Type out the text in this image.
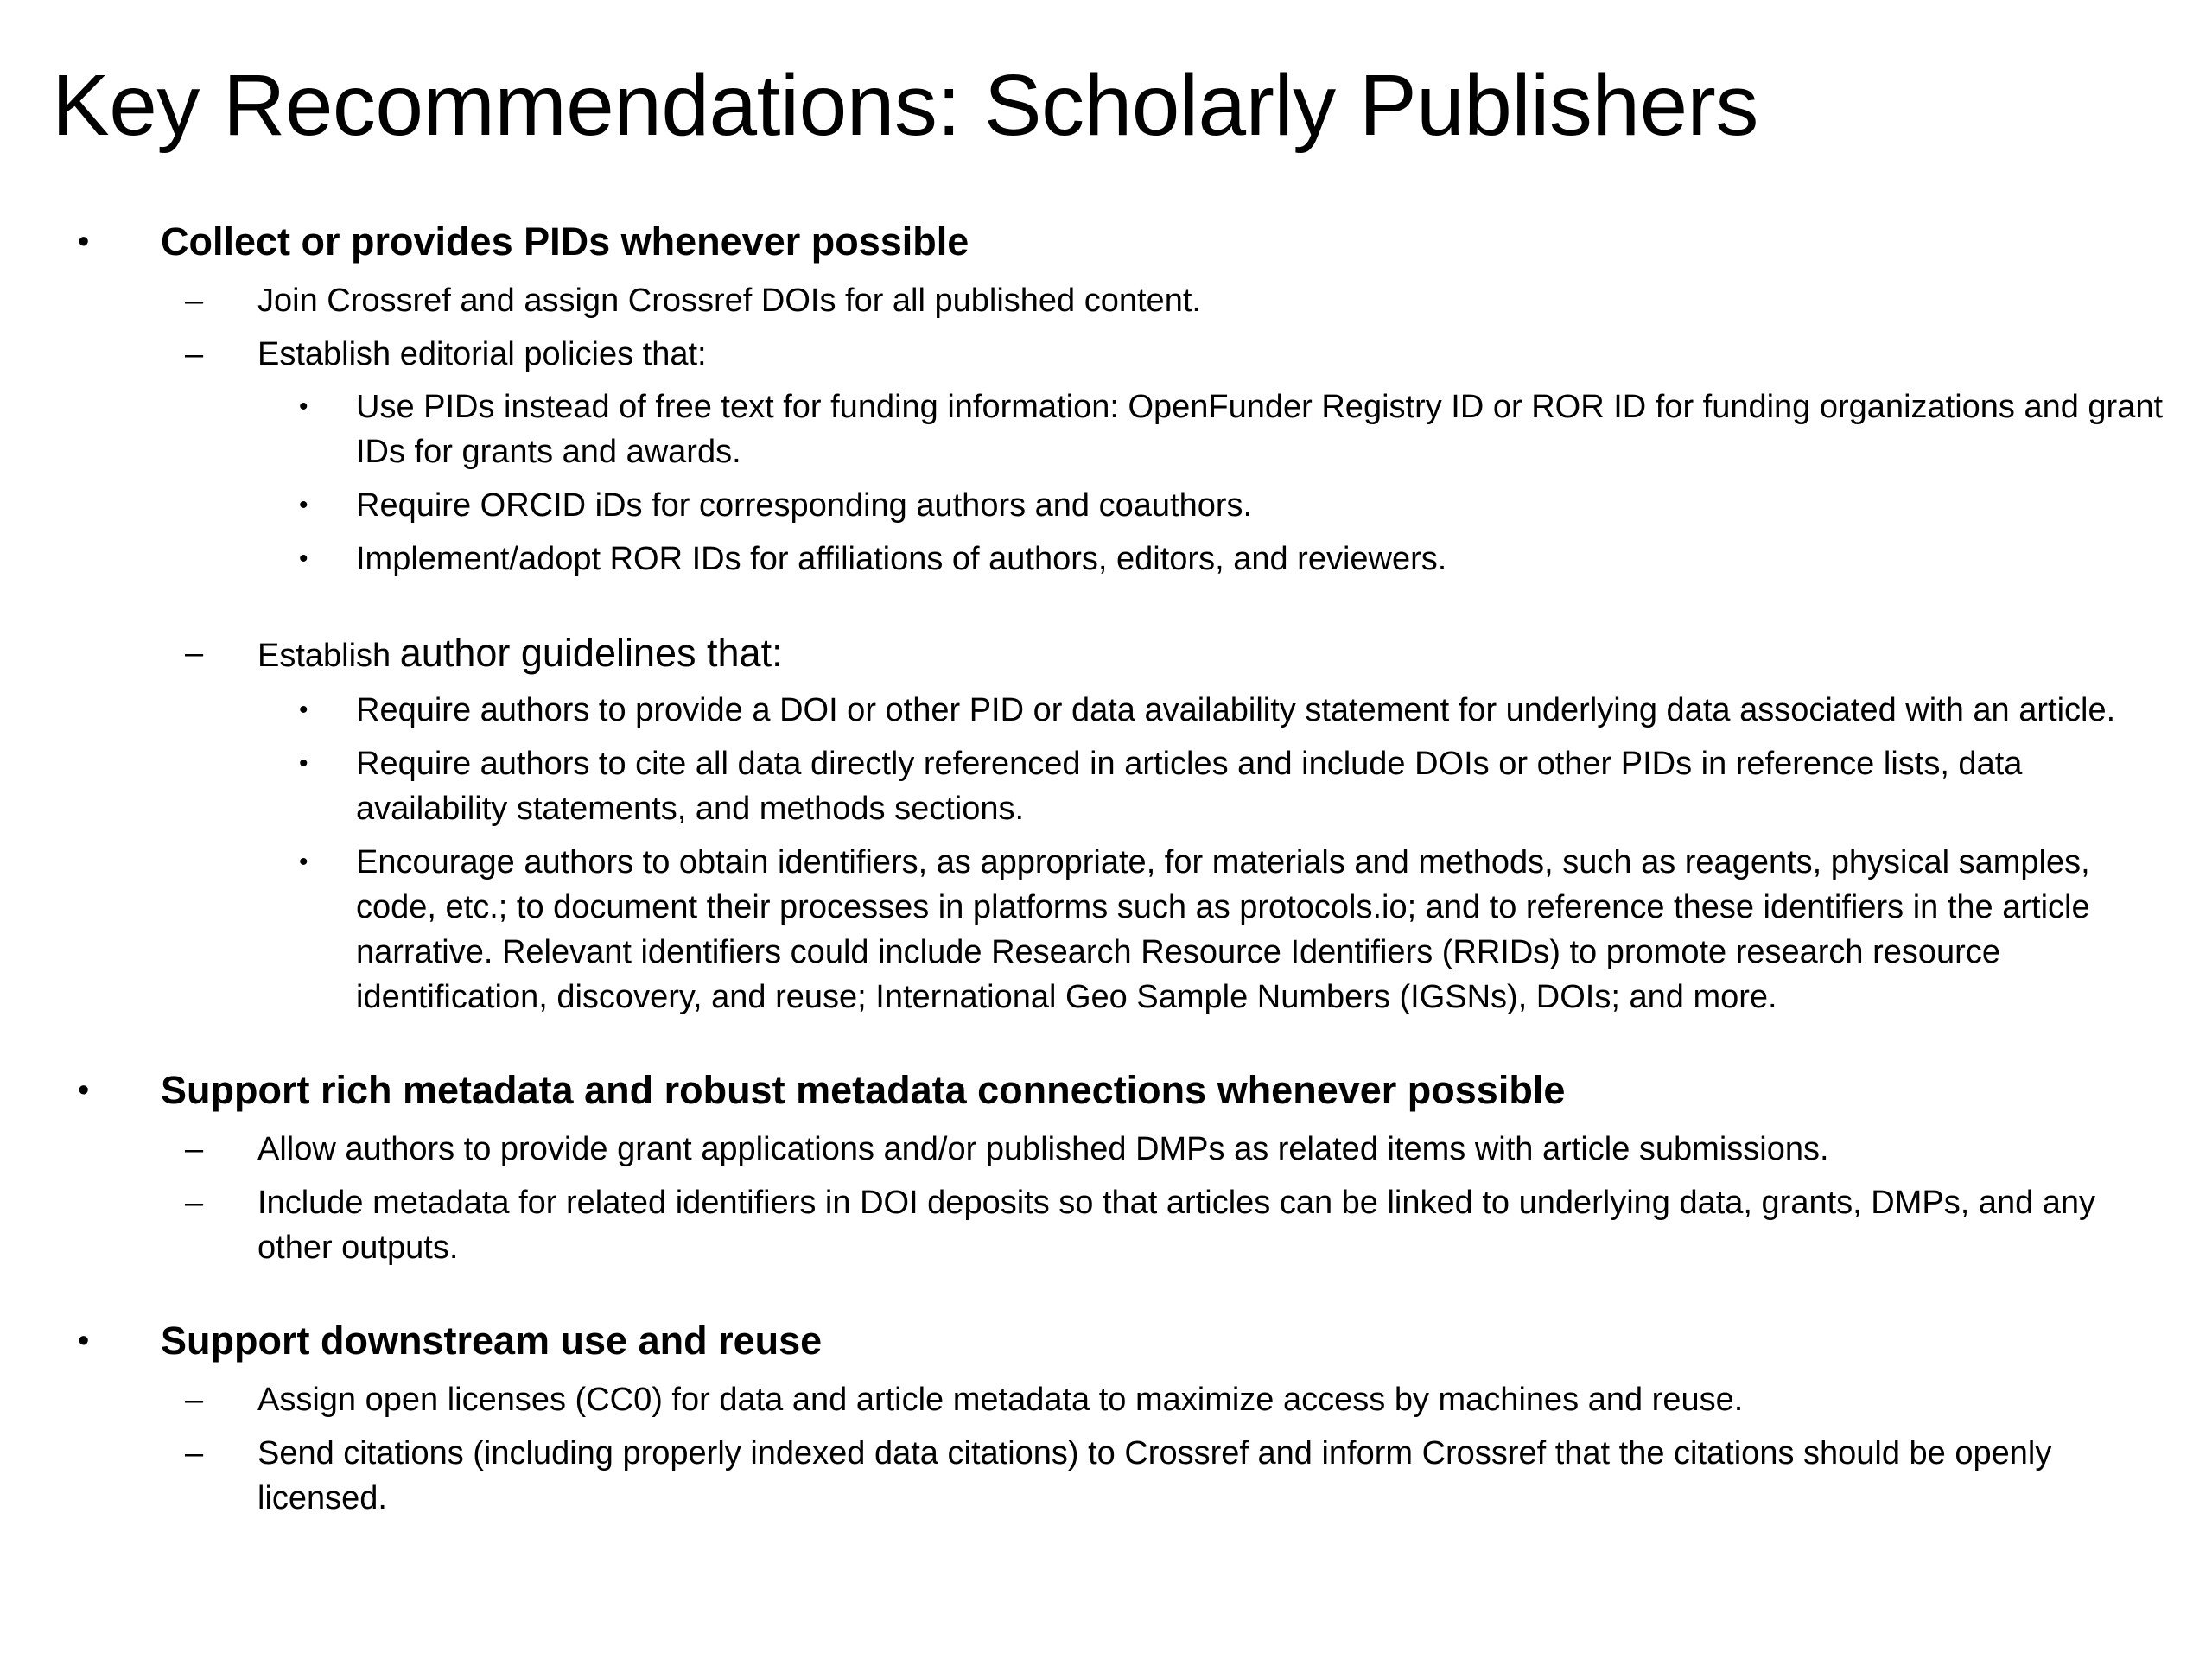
Key Recommendations: Scholarly Publishers
• Collect or provides PIDs whenever possible

– Join Crossref and assign Crossref DOIs for all published content.

– Establish editorial policies that:

• Use PIDs instead of free text for funding information: OpenFunder Registry ID or ROR ID for funding organizations and grant IDs for grants and awards.

• Require ORCID iDs for corresponding authors and coauthors.

• Implement/adopt ROR IDs for affiliations of authors, editors, and reviewers.

– Establish author guidelines that:

• Require authors to provide a DOI or other PID or data availability statement for underlying data associated with an article.

• Require authors to cite all data directly referenced in articles and include DOIs or other PIDs in reference lists, data availability statements, and methods sections.

• Encourage authors to obtain identifiers, as appropriate, for materials and methods, such as reagents, physical samples, code, etc.; to document their processes in platforms such as protocols.io; and to reference these identifiers in the article narrative. Relevant identifiers could include Research Resource Identifiers (RRIDs) to promote research resource identification, discovery, and reuse; International Geo Sample Numbers (IGSNs), DOIs; and more.

• Support rich metadata and robust metadata connections whenever possible

– Allow authors to provide grant applications and/or published DMPs as related items with article submissions.

– Include metadata for related identifiers in DOI deposits so that articles can be linked to underlying data, grants, DMPs, and any other outputs.

• Support downstream use and reuse

– Assign open licenses (CC0) for data and article metadata to maximize access by machines and reuse.

– Send citations (including properly indexed data citations) to Crossref and inform Crossref that the citations should be openly licensed.
